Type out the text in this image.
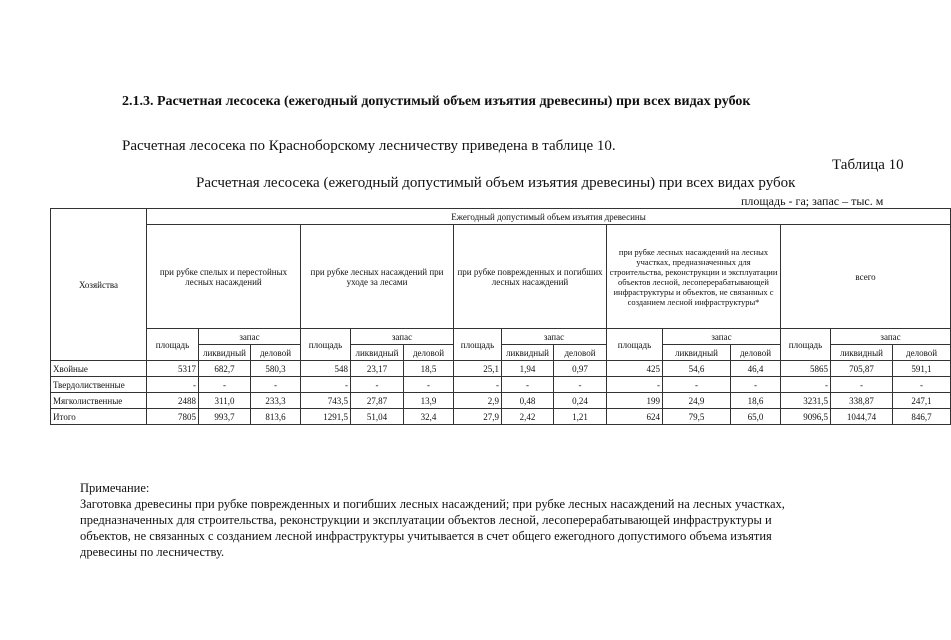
2.1.3. Расчетная лесосека (ежегодный допустимый объем изъятия древесины) при всех видах рубок
Расчетная лесосека по Красноборскому лесничеству приведена в таблице 10.
Таблица 10
Расчетная лесосека (ежегодный допустимый объем изъятия древесины) при всех видах рубок
площадь - га; запас – тыс. м
Хозяйства	Ежегодный допустимый объем изъятия древесины														
	при рубке спелых и перестойных лесных насаждений			при рубке лесных насаждений при уходе за лесами			при рубке поврежденных и погибших лесных насаждений			при рубке лесных насаждений на лесных участках, предназначенных для строительства, реконструкции и эксплуатации объектов лесной, лесоперерабатывающей инфраструктуры и объектов, не связанных с созданием лесной инфраструктуры*			всего		
	площадь	запас		площадь	запас		площадь	запас		площадь	запас		площадь	запас	
		ликвидный	деловой		ликвидный	деловой		ликвидный	деловой		ликвидный	деловой		ликвидный	деловой
Хвойные	5317	682,7	580,3	548	23,17	18,5	25,1	1,94	0,97	425	54,6	46,4	5865	705,87	591,1
Твердолиственные	-	-	-	-	-	-	-	-	-	-	-	-	-	-	-
Мягколиственные	2488	311,0	233,3	743,5	27,87	13,9	2,9	0,48	0,24	199	24,9	18,6	3231,5	338,87	247,1
Итого	7805	993,7	813,6	1291,5	51,04	32,4	27,9	2,42	1,21	624	79,5	65,0	9096,5	1044,74	846,7
Примечание:
Заготовка древесины при рубке поврежденных и погибших лесных насаждений; при рубке лесных насаждений на лесных участках,
предназначенных для строительства, реконструкции и эксплуатации объектов лесной, лесоперерабатывающей инфраструктуры и
объектов, не связанных с созданием лесной инфраструктуры учитывается в счет общего ежегодного допустимого объема изъятия
древесины по лесничеству.
